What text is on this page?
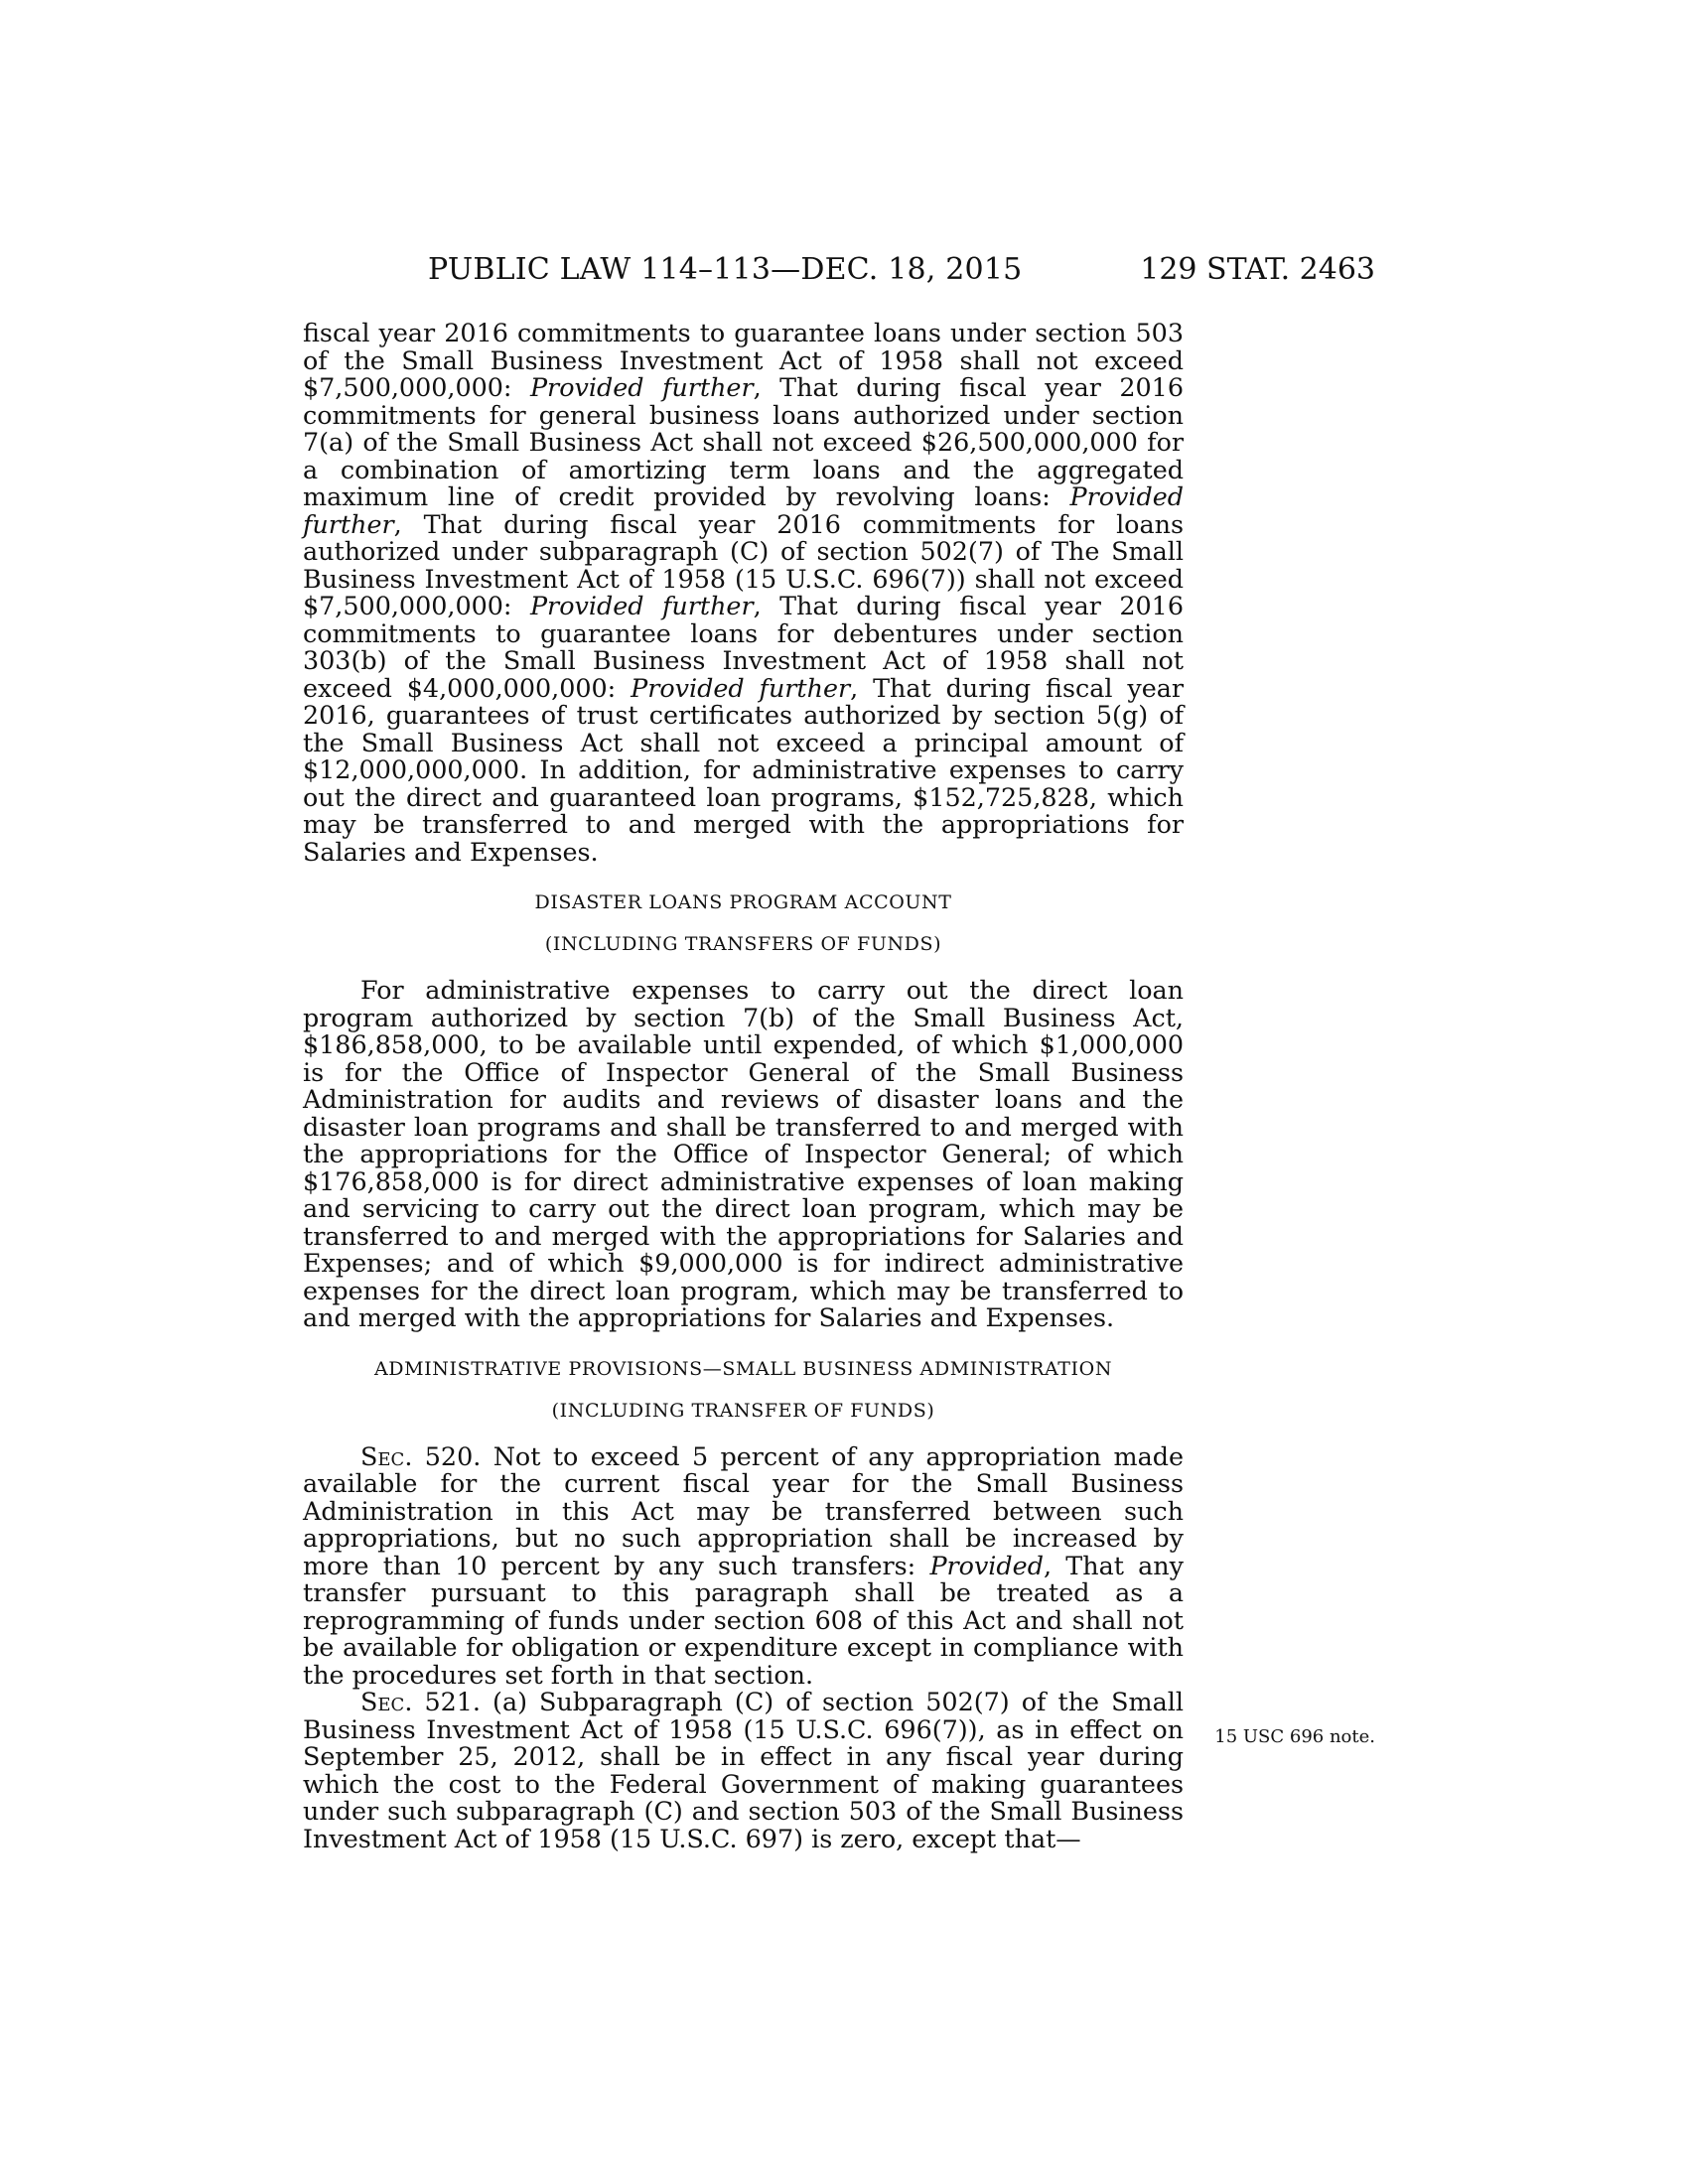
PUBLIC LAW 114–113—DEC. 18, 2015	129 STAT. 2463

fiscal year 2016 commitments to guarantee loans under section 503 of the Small Business Investment Act of 1958 shall not exceed $7,500,000,000: Provided further, That during fiscal year 2016 commitments for general business loans authorized under section 7(a) of the Small Business Act shall not exceed $26,500,000,000 for a combination of amortizing term loans and the aggregated maximum line of credit provided by revolving loans: Provided further, That during fiscal year 2016 commitments for loans authorized under subparagraph (C) of section 502(7) of The Small Business Investment Act of 1958 (15 U.S.C. 696(7)) shall not exceed $7,500,000,000: Provided further, That during fiscal year 2016 commitments to guarantee loans for debentures under section 303(b) of the Small Business Investment Act of 1958 shall not exceed $4,000,000,000: Provided further, That during fiscal year 2016, guarantees of trust certificates authorized by section 5(g) of the Small Business Act shall not exceed a principal amount of $12,000,000,000. In addition, for administrative expenses to carry out the direct and guaranteed loan programs, $152,725,828, which may be transferred to and merged with the appropriations for Salaries and Expenses.

DISASTER LOANS PROGRAM ACCOUNT

(INCLUDING TRANSFERS OF FUNDS)

For administrative expenses to carry out the direct loan program authorized by section 7(b) of the Small Business Act, $186,858,000, to be available until expended, of which $1,000,000 is for the Office of Inspector General of the Small Business Administration for audits and reviews of disaster loans and the disaster loan programs and shall be transferred to and merged with the appropriations for the Office of Inspector General; of which $176,858,000 is for direct administrative expenses of loan making and servicing to carry out the direct loan program, which may be transferred to and merged with the appropriations for Salaries and Expenses; and of which $9,000,000 is for indirect administrative expenses for the direct loan program, which may be transferred to and merged with the appropriations for Salaries and Expenses.

ADMINISTRATIVE PROVISIONS—SMALL BUSINESS ADMINISTRATION

(INCLUDING TRANSFER OF FUNDS)

Sec. 520. Not to exceed 5 percent of any appropriation made available for the current fiscal year for the Small Business Administration in this Act may be transferred between such appropriations, but no such appropriation shall be increased by more than 10 percent by any such transfers: Provided, That any transfer pursuant to this paragraph shall be treated as a reprogramming of funds under section 608 of this Act and shall not be available for obligation or expenditure except in compliance with the procedures set forth in that section.

Sec. 521. (a) Subparagraph (C) of section 502(7) of the Small Business Investment Act of 1958 (15 U.S.C. 696(7)), as in effect on September 25, 2012, shall be in effect in any fiscal year during which the cost to the Federal Government of making guarantees under such subparagraph (C) and section 503 of the Small Business Investment Act of 1958 (15 U.S.C. 697) is zero, except that—

15 USC 696 note.
